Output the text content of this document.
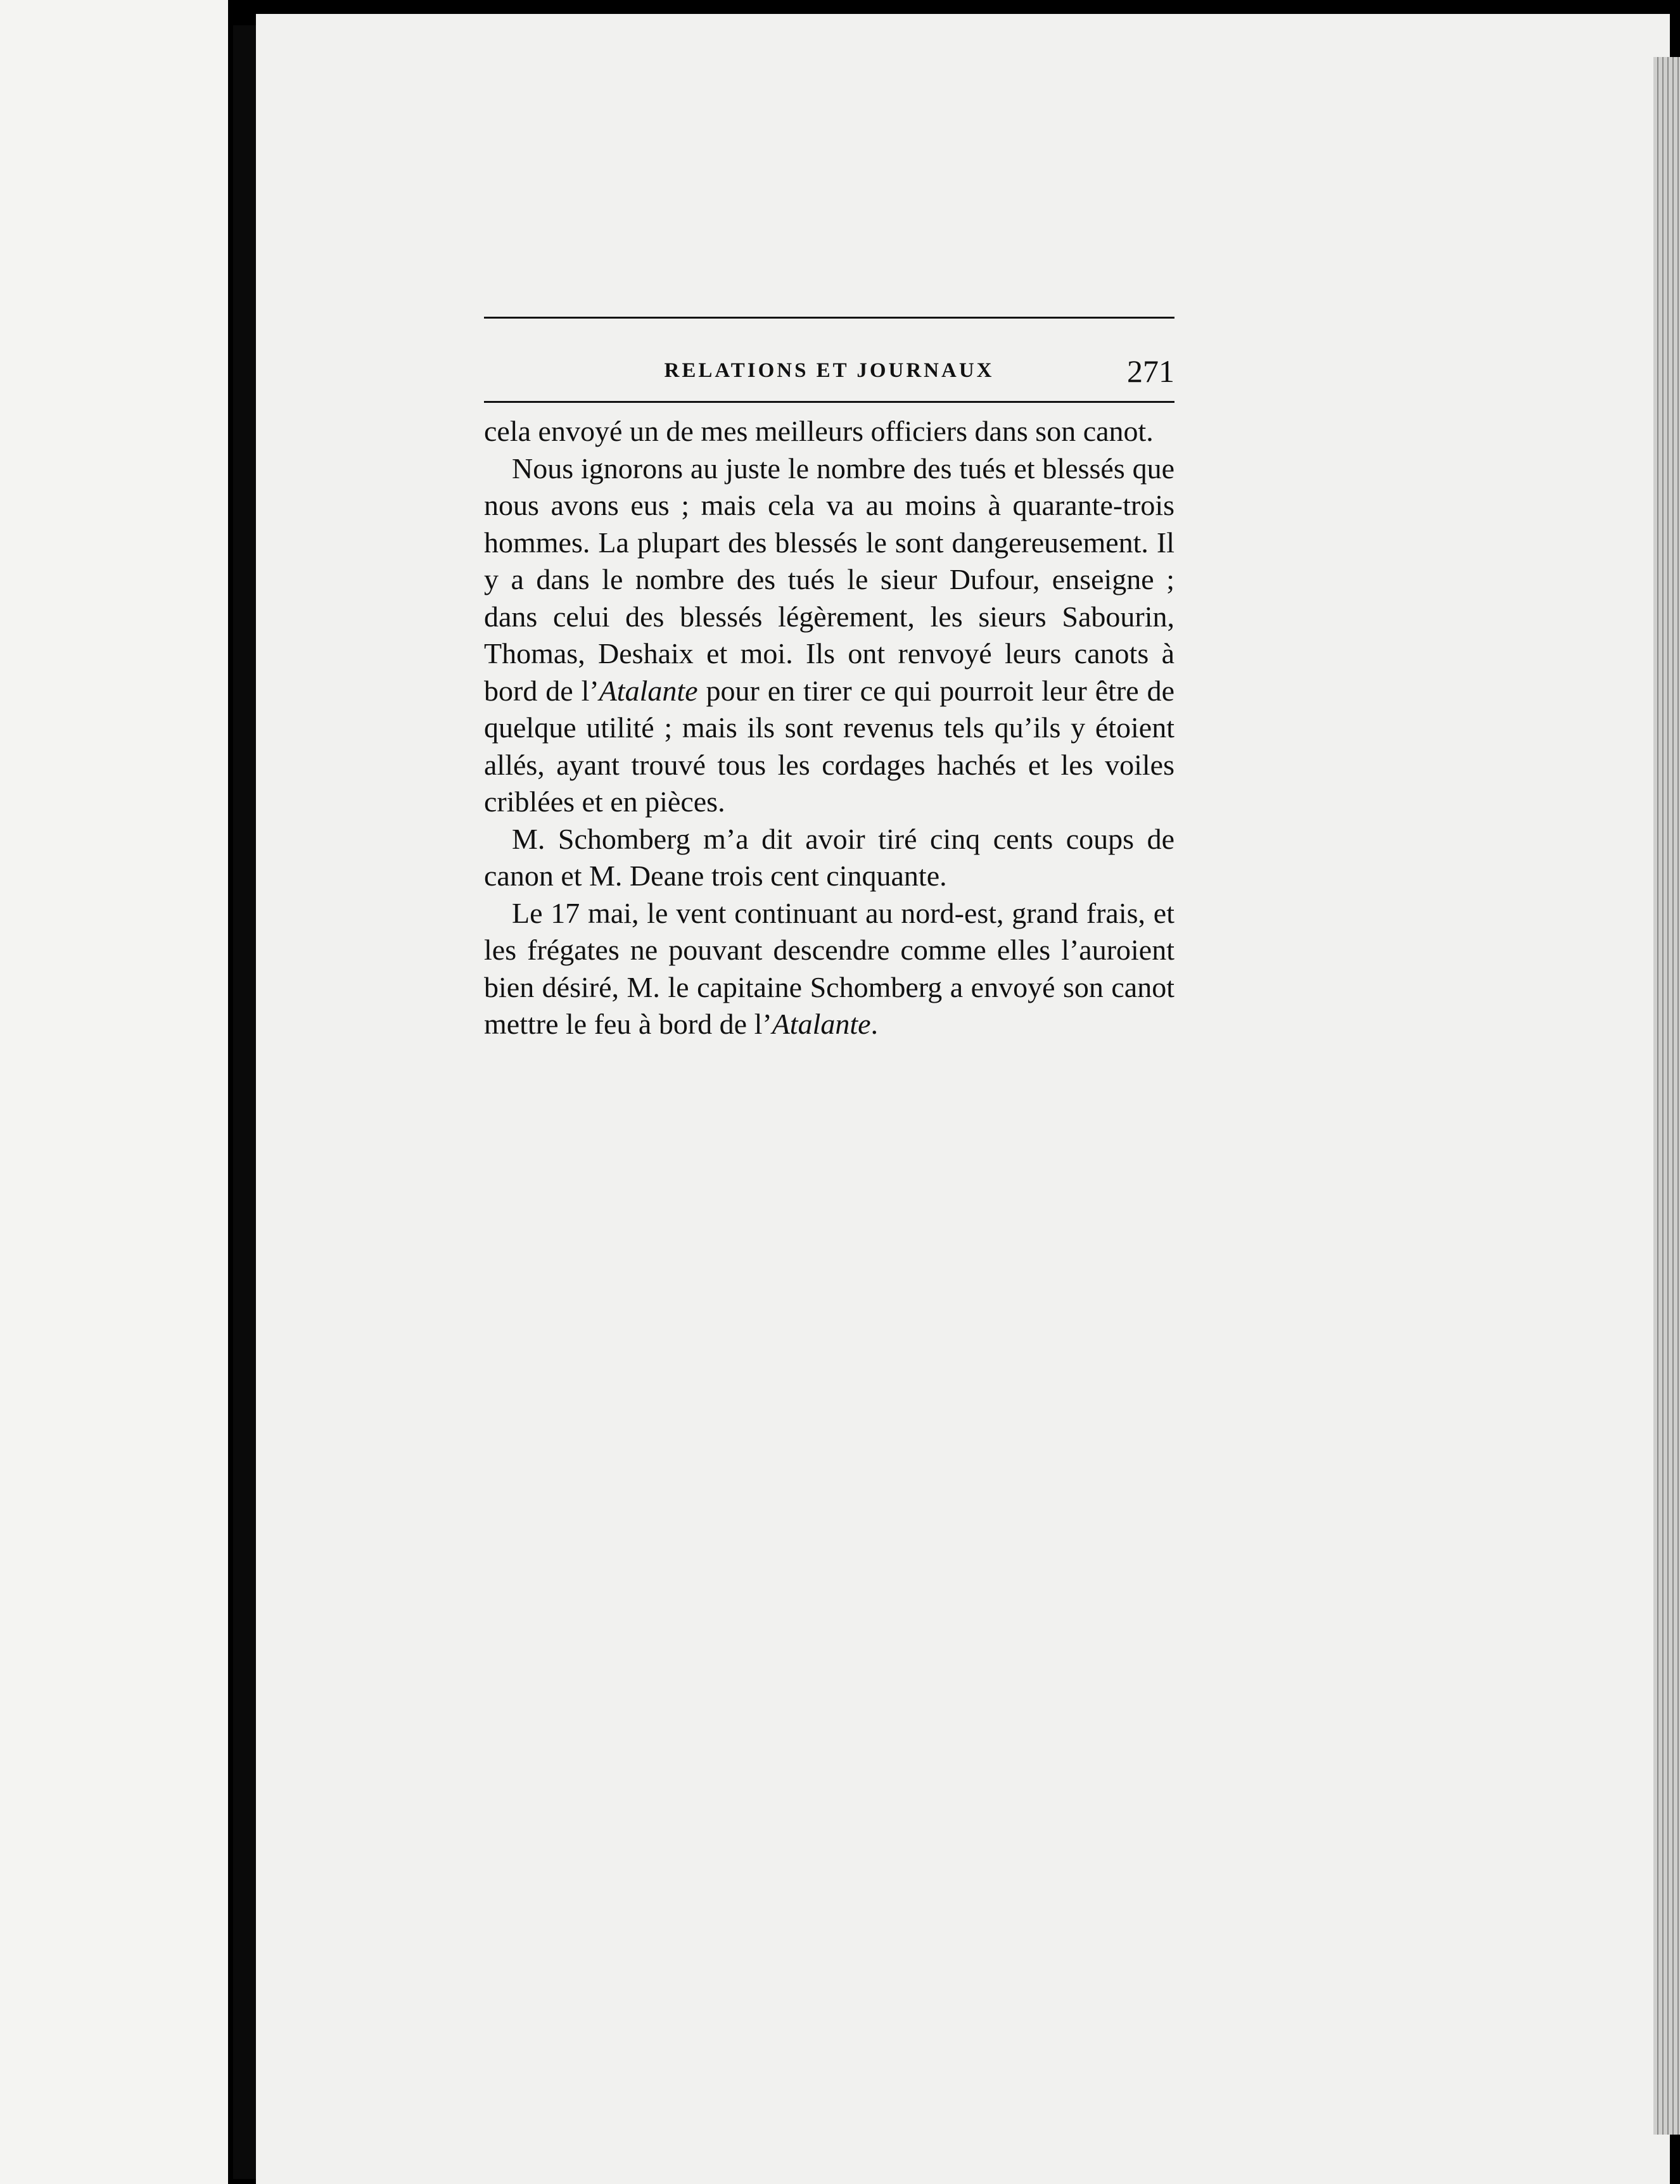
RELATIONS ET JOURNAUX	271

cela envoyé un de mes meilleurs officiers dans son canot.

Nous ignorons au juste le nombre des tués et blessés que nous avons eus ; mais cela va au moins à quarante-trois hommes. La plupart des blessés le sont dangereusement. Il y a dans le nombre des tués le sieur Dufour, enseigne ; dans celui des blessés légèrement, les sieurs Sabourin, Thomas, Deshaix et moi. Ils ont renvoyé leurs canots à bord de l’Atalante pour en tirer ce qui pourroit leur être de quelque utilité ; mais ils sont revenus tels qu’ils y étoient allés, ayant trouvé tous les cordages hachés et les voiles criblées et en pièces.

M. Schomberg m’a dit avoir tiré cinq cents coups de canon et M. Deane trois cent cinquante.

Le 17 mai, le vent continuant au nord-est, grand frais, et les frégates ne pouvant descendre comme elles l’auroient bien désiré, M. le capitaine Schomberg a envoyé son canot mettre le feu à bord de l’Atalante.
